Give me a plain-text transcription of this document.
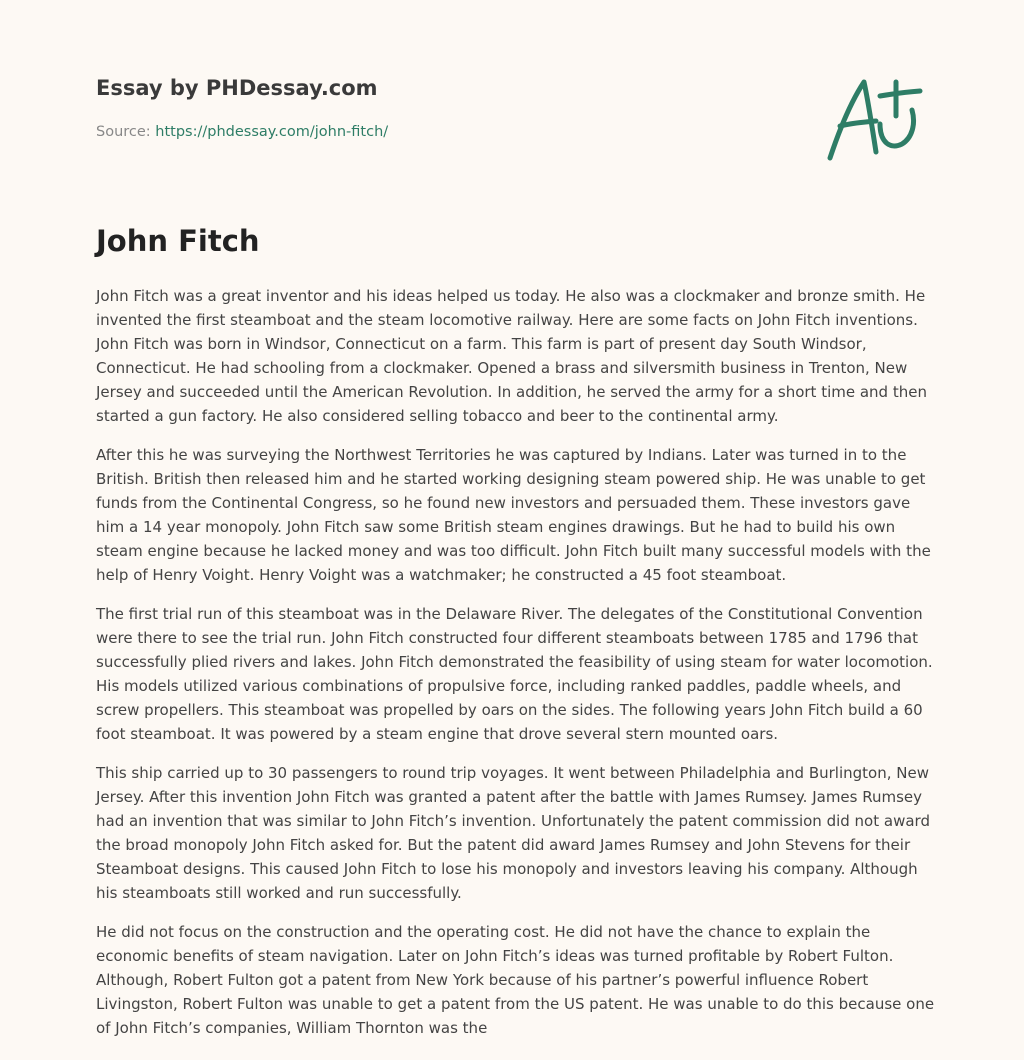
Essay by PHDessay.com
Source: https://phdessay.com/john-fitch/
John Fitch

John Fitch was a great inventor and his ideas helped us today. He also was a clockmaker and bronze smith. He invented the first steamboat and the steam locomotive railway. Here are some facts on John Fitch inventions. John Fitch was born in Windsor, Connecticut on a farm. This farm is part of present day South Windsor, Connecticut. He had schooling from a clockmaker. Opened a brass and silversmith business in Trenton, New Jersey and succeeded until the American Revolution. In addition, he served the army for a short time and then started a gun factory. He also considered selling tobacco and beer to the continental army.

After this he was surveying the Northwest Territories he was captured by Indians. Later was turned in to the British. British then released him and he started working designing steam powered ship. He was unable to get funds from the Continental Congress, so he found new investors and persuaded them. These investors gave him a 14 year monopoly. John Fitch saw some British steam engines drawings. But he had to build his own steam engine because he lacked money and was too difficult. John Fitch built many successful models with the help of Henry Voight. Henry Voight was a watchmaker; he constructed a 45 foot steamboat.

The first trial run of this steamboat was in the Delaware River. The delegates of the Constitutional Convention were there to see the trial run. John Fitch constructed four different steamboats between 1785 and 1796 that successfully plied rivers and lakes. John Fitch demonstrated the feasibility of using steam for water locomotion. His models utilized various combinations of propulsive force, including ranked paddles, paddle wheels, and screw propellers. This steamboat was propelled by oars on the sides. The following years John Fitch build a 60 foot steamboat. It was powered by a steam engine that drove several stern mounted oars.

This ship carried up to 30 passengers to round trip voyages. It went between Philadelphia and Burlington, New Jersey. After this invention John Fitch was granted a patent after the battle with James Rumsey. James Rumsey had an invention that was similar to John Fitch’s invention. Unfortunately the patent commission did not award the broad monopoly John Fitch asked for. But the patent did award James Rumsey and John Stevens for their Steamboat designs. This caused John Fitch to lose his monopoly and investors leaving his company. Although his steamboats still worked and run successfully.

He did not focus on the construction and the operating cost. He did not have the chance to explain the economic benefits of steam navigation. Later on John Fitch’s ideas was turned profitable by Robert Fulton. Although, Robert Fulton got a patent from New York because of his partner’s powerful influence Robert Livingston, Robert Fulton was unable to get a patent from the US patent. He was unable to do this because one of John Fitch’s companies, William Thornton was the
